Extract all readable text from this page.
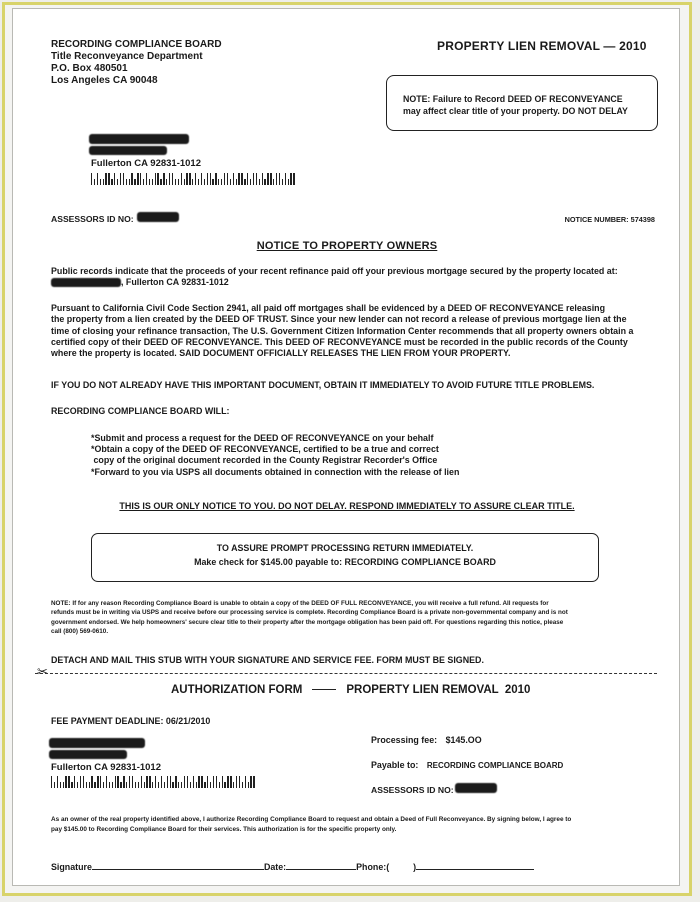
RECORDING COMPLIANCE BOARD
Title Reconveyance Department
P.O. Box 480501
Los Angeles CA 90048
PROPERTY LIEN REMOVAL — 2010
NOTE: Failure to Record DEED OF RECONVEYANCE
may affect clear title of your property. DO NOT DELAY
Fullerton CA 92831-1012
ASSESSORS ID NO:	NOTICE NUMBER: 574398
NOTICE TO PROPERTY OWNERS
Public records indicate that the proceeds of your recent refinance paid off your previous mortgage secured by the property located at:
, Fullerton CA 92831-1012
Pursuant to California Civil Code Section 2941, all paid off mortgages shall be evidenced by a DEED OF RECONVEYANCE releasing
the property from a lien created by the DEED OF TRUST. Since your new lender can not record a release of previous mortgage lien at the
time of closing your refinance transaction, The U.S. Government Citizen Information Center recommends that all property owners obtain a
certified copy of their DEED OF RECONVEYANCE. This DEED OF RECONVEYANCE must be recorded in the public records of the County
where the property is located. SAID DOCUMENT OFFICIALLY RELEASES THE LIEN FROM YOUR PROPERTY.
IF YOU DO NOT ALREADY HAVE THIS IMPORTANT DOCUMENT, OBTAIN IT IMMEDIATELY TO AVOID FUTURE TITLE PROBLEMS.
RECORDING COMPLIANCE BOARD WILL:
*Submit and process a request for the DEED OF RECONVEYANCE on your behalf
*Obtain a copy of the DEED OF RECONVEYANCE, certified to be a true and correct
copy of the original document recorded in the County Registrar Recorder's Office
*Forward to you via USPS all documents obtained in connection with the release of lien
THIS IS OUR ONLY NOTICE TO YOU. DO NOT DELAY. RESPOND IMMEDIATELY TO ASSURE CLEAR TITLE.
TO ASSURE PROMPT PROCESSING RETURN IMMEDIATELY.
Make check for $145.00 payable to: RECORDING COMPLIANCE BOARD
NOTE: If for any reason Recording Compliance Board is unable to obtain a copy of the DEED OF FULL RECONVEYANCE, you will receive a full refund. All requests for
refunds must be in writing via USPS and receive before our processing service is complete. Recording Compliance Board is a private non-governmental company and is not
government endorsed. We help homeowners' secure clear title to their property after the mortgage obligation has been paid off. For questions regarding this notice, please
call (800) 569-0610.
DETACH AND MAIL THIS STUB WITH YOUR SIGNATURE AND SERVICE FEE. FORM MUST BE SIGNED.
✂
AUTHORIZATION FORM	PROPERTY LIEN REMOVAL  2010
FEE PAYMENT DEADLINE: 06/21/2010
Fullerton CA 92831-1012
Processing fee: $145.OO
Payable to: RECORDING COMPLIANCE BOARD
ASSESSORS ID NO:
As an owner of the real property identified above, I authorize Recording Compliance Board to request and obtain a Deed of Full Reconveyance. By signing below, I agree to
pay $145.00 to Recording Compliance Board for their services. This authorization is for the specific property only.
Signature	Date:	Phone:(	)
